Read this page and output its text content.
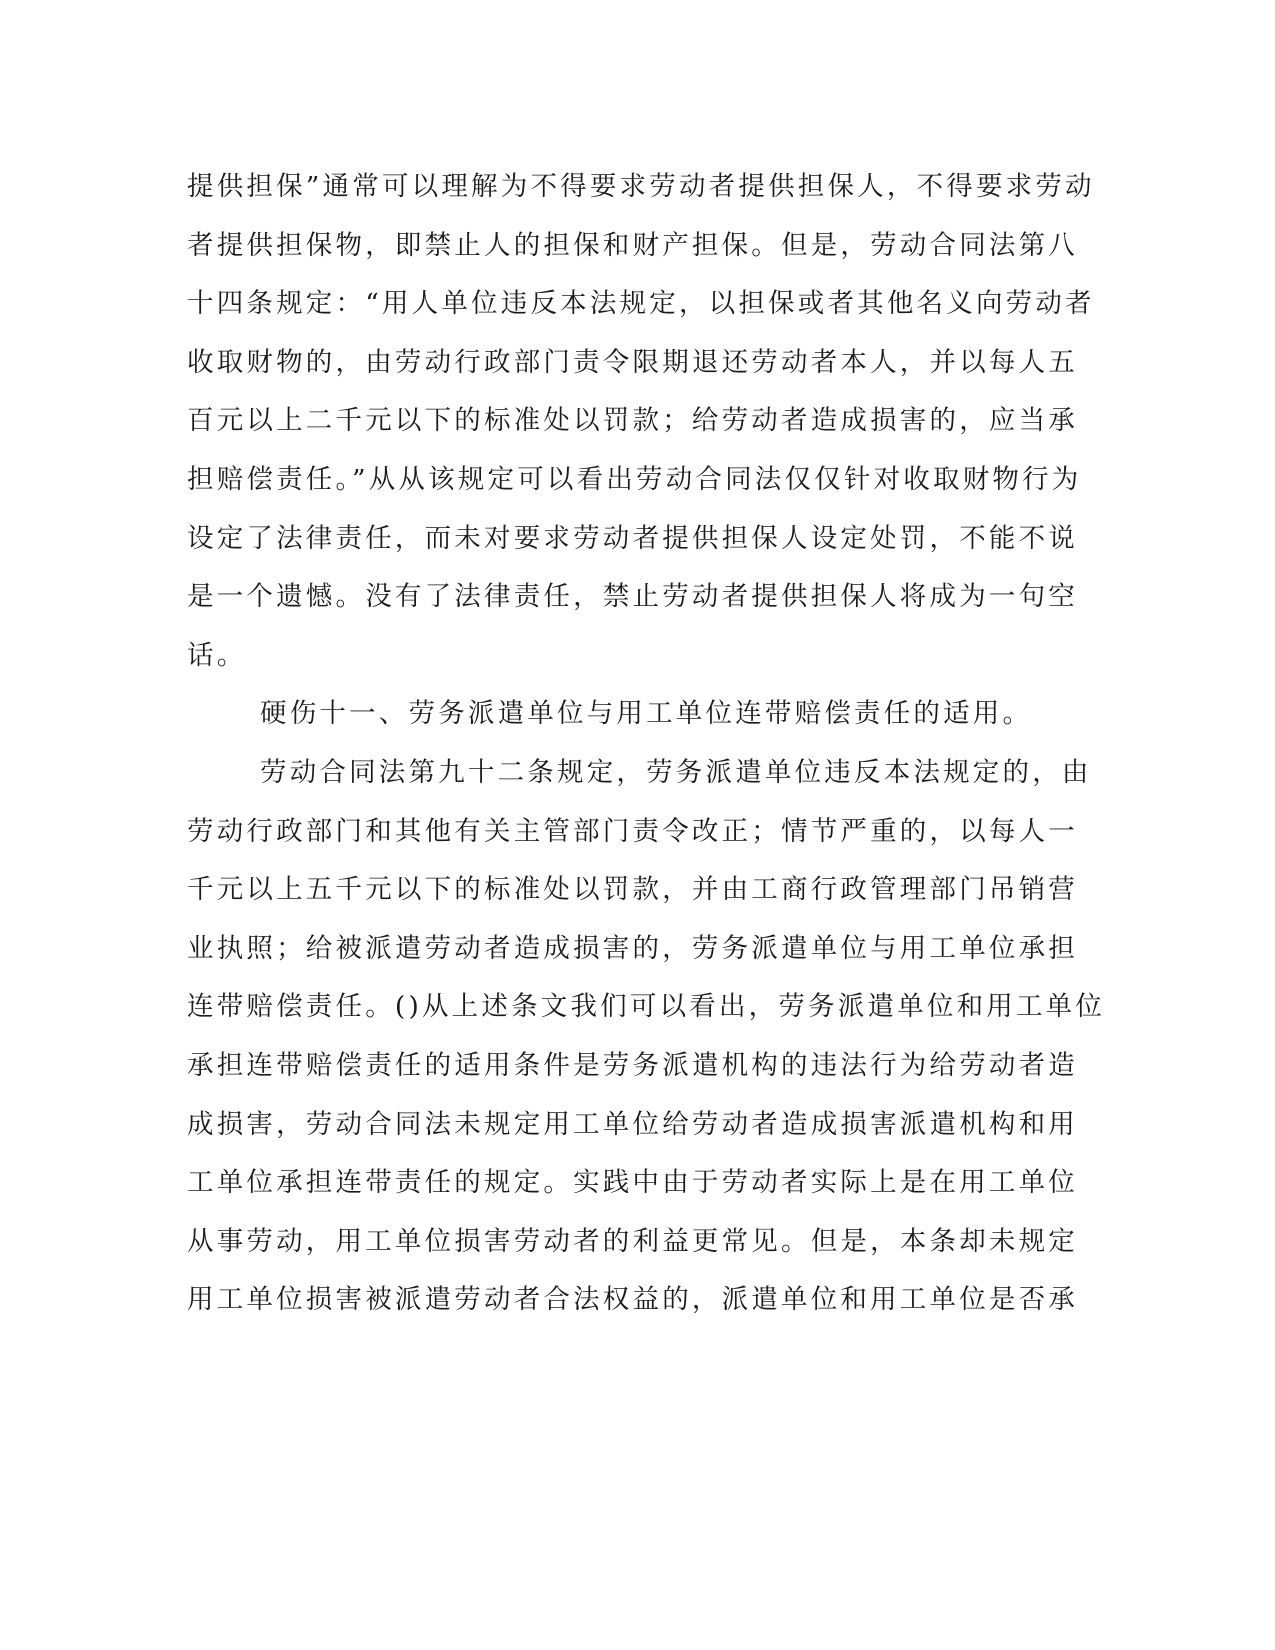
提供担保”通常可以理解为不得要求劳动者提供担保人，不得要求劳动
者提供担保物，即禁止人的担保和财产担保。但是，劳动合同法第八
十四条规定：“用人单位违反本法规定，以担保或者其他名义向劳动者
收取财物的，由劳动行政部门责令限期退还劳动者本人，并以每人五
百元以上二千元以下的标准处以罚款；给劳动者造成损害的，应当承
担赔偿责任。”从从该规定可以看出劳动合同法仅仅针对收取财物行为
设定了法律责任，而未对要求劳动者提供担保人设定处罚，不能不说
是一个遗憾。没有了法律责任，禁止劳动者提供担保人将成为一句空
话。
硬伤十一、劳务派遣单位与用工单位连带赔偿责任的适用。
劳动合同法第九十二条规定，劳务派遣单位违反本法规定的，由
劳动行政部门和其他有关主管部门责令改正；情节严重的，以每人一
千元以上五千元以下的标准处以罚款，并由工商行政管理部门吊销营
业执照；给被派遣劳动者造成损害的，劳务派遣单位与用工单位承担
连带赔偿责任。()从上述条文我们可以看出，劳务派遣单位和用工单位
承担连带赔偿责任的适用条件是劳务派遣机构的违法行为给劳动者造
成损害，劳动合同法未规定用工单位给劳动者造成损害派遣机构和用
工单位承担连带责任的规定。实践中由于劳动者实际上是在用工单位
从事劳动，用工单位损害劳动者的利益更常见。但是，本条却未规定
用工单位损害被派遣劳动者合法权益的，派遣单位和用工单位是否承
